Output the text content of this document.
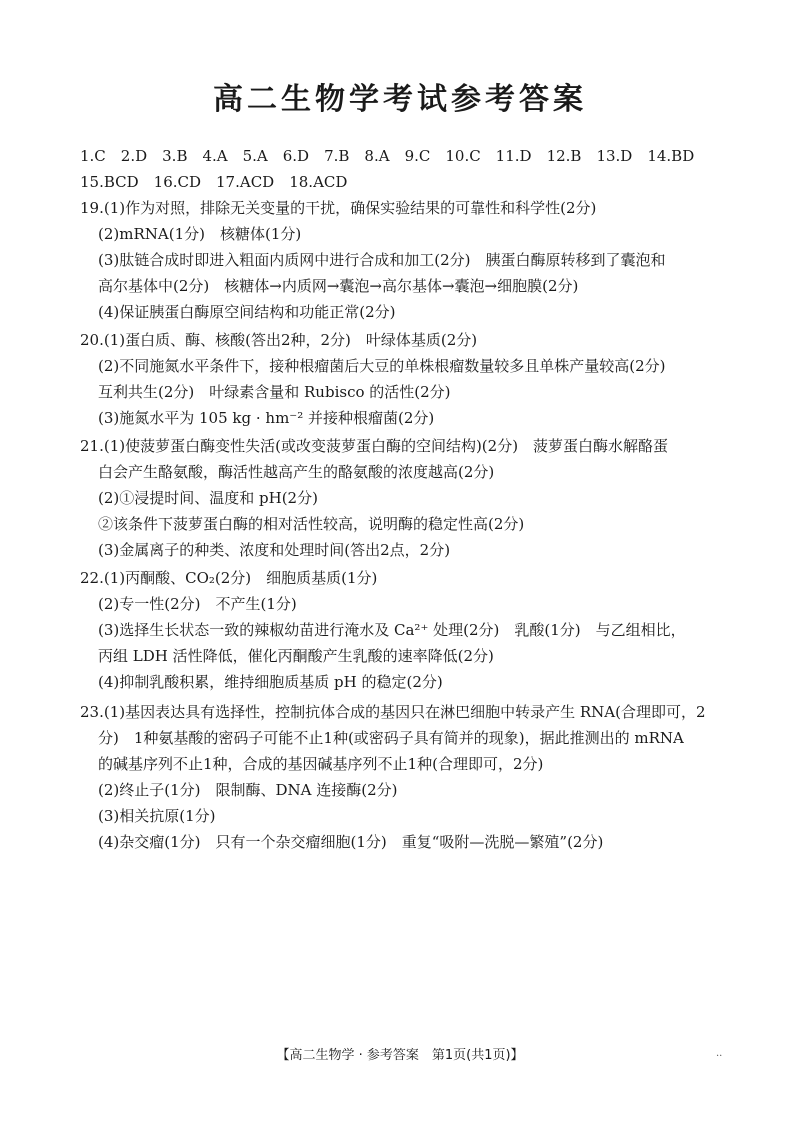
高二生物学考试参考答案
1.C　2.D　3.B　4.A　5.A　6.D　7.B　8.A　9.C　10.C　11.D　12.B　13.D　14.BD
15.BCD　16.CD　17.ACD　18.ACD
19.(1)作为对照，排除无关变量的干扰，确保实验结果的可靠性和科学性(2分)
(2)mRNA(1分)　核糖体(1分)
(3)肽链合成时即进入粗面内质网中进行合成和加工(2分)　胰蛋白酶原转移到了囊泡和
高尔基体中(2分)　核糖体→内质网→囊泡→高尔基体→囊泡→细胞膜(2分)
(4)保证胰蛋白酶原空间结构和功能正常(2分)
20.(1)蛋白质、酶、核酸(答出2种，2分)　叶绿体基质(2分)
(2)不同施氮水平条件下，接种根瘤菌后大豆的单株根瘤数量较多且单株产量较高(2分)
互利共生(2分)　叶绿素含量和 Rubisco 的活性(2分)
(3)施氮水平为 105 kg · hm⁻² 并接种根瘤菌(2分)
21.(1)使菠萝蛋白酶变性失活(或改变菠萝蛋白酶的空间结构)(2分)　菠萝蛋白酶水解酪蛋
白会产生酪氨酸，酶活性越高产生的酪氨酸的浓度越高(2分)
(2)①浸提时间、温度和 pH(2分)
②该条件下菠萝蛋白酶的相对活性较高，说明酶的稳定性高(2分)
(3)金属离子的种类、浓度和处理时间(答出2点，2分)
22.(1)丙酮酸、CO₂(2分)　细胞质基质(1分)
(2)专一性(2分)　不产生(1分)
(3)选择生长状态一致的辣椒幼苗进行淹水及 Ca²⁺ 处理(2分)　乳酸(1分)　与乙组相比，
丙组 LDH 活性降低，催化丙酮酸产生乳酸的速率降低(2分)
(4)抑制乳酸积累，维持细胞质基质 pH 的稳定(2分)
23.(1)基因表达具有选择性，控制抗体合成的基因只在淋巴细胞中转录产生 RNA(合理即可，2
分)　1种氨基酸的密码子可能不止1种(或密码子具有简并的现象)，据此推测出的 mRNA
的碱基序列不止1种，合成的基因碱基序列不止1种(合理即可，2分)
(2)终止子(1分)　限制酶、DNA 连接酶(2分)
(3)相关抗原(1分)
(4)杂交瘤(1分)　只有一个杂交瘤细胞(1分)　重复“吸附—洗脱—繁殖”(2分)
【高二生物学 · 参考答案　第1页(共1页)】	..
